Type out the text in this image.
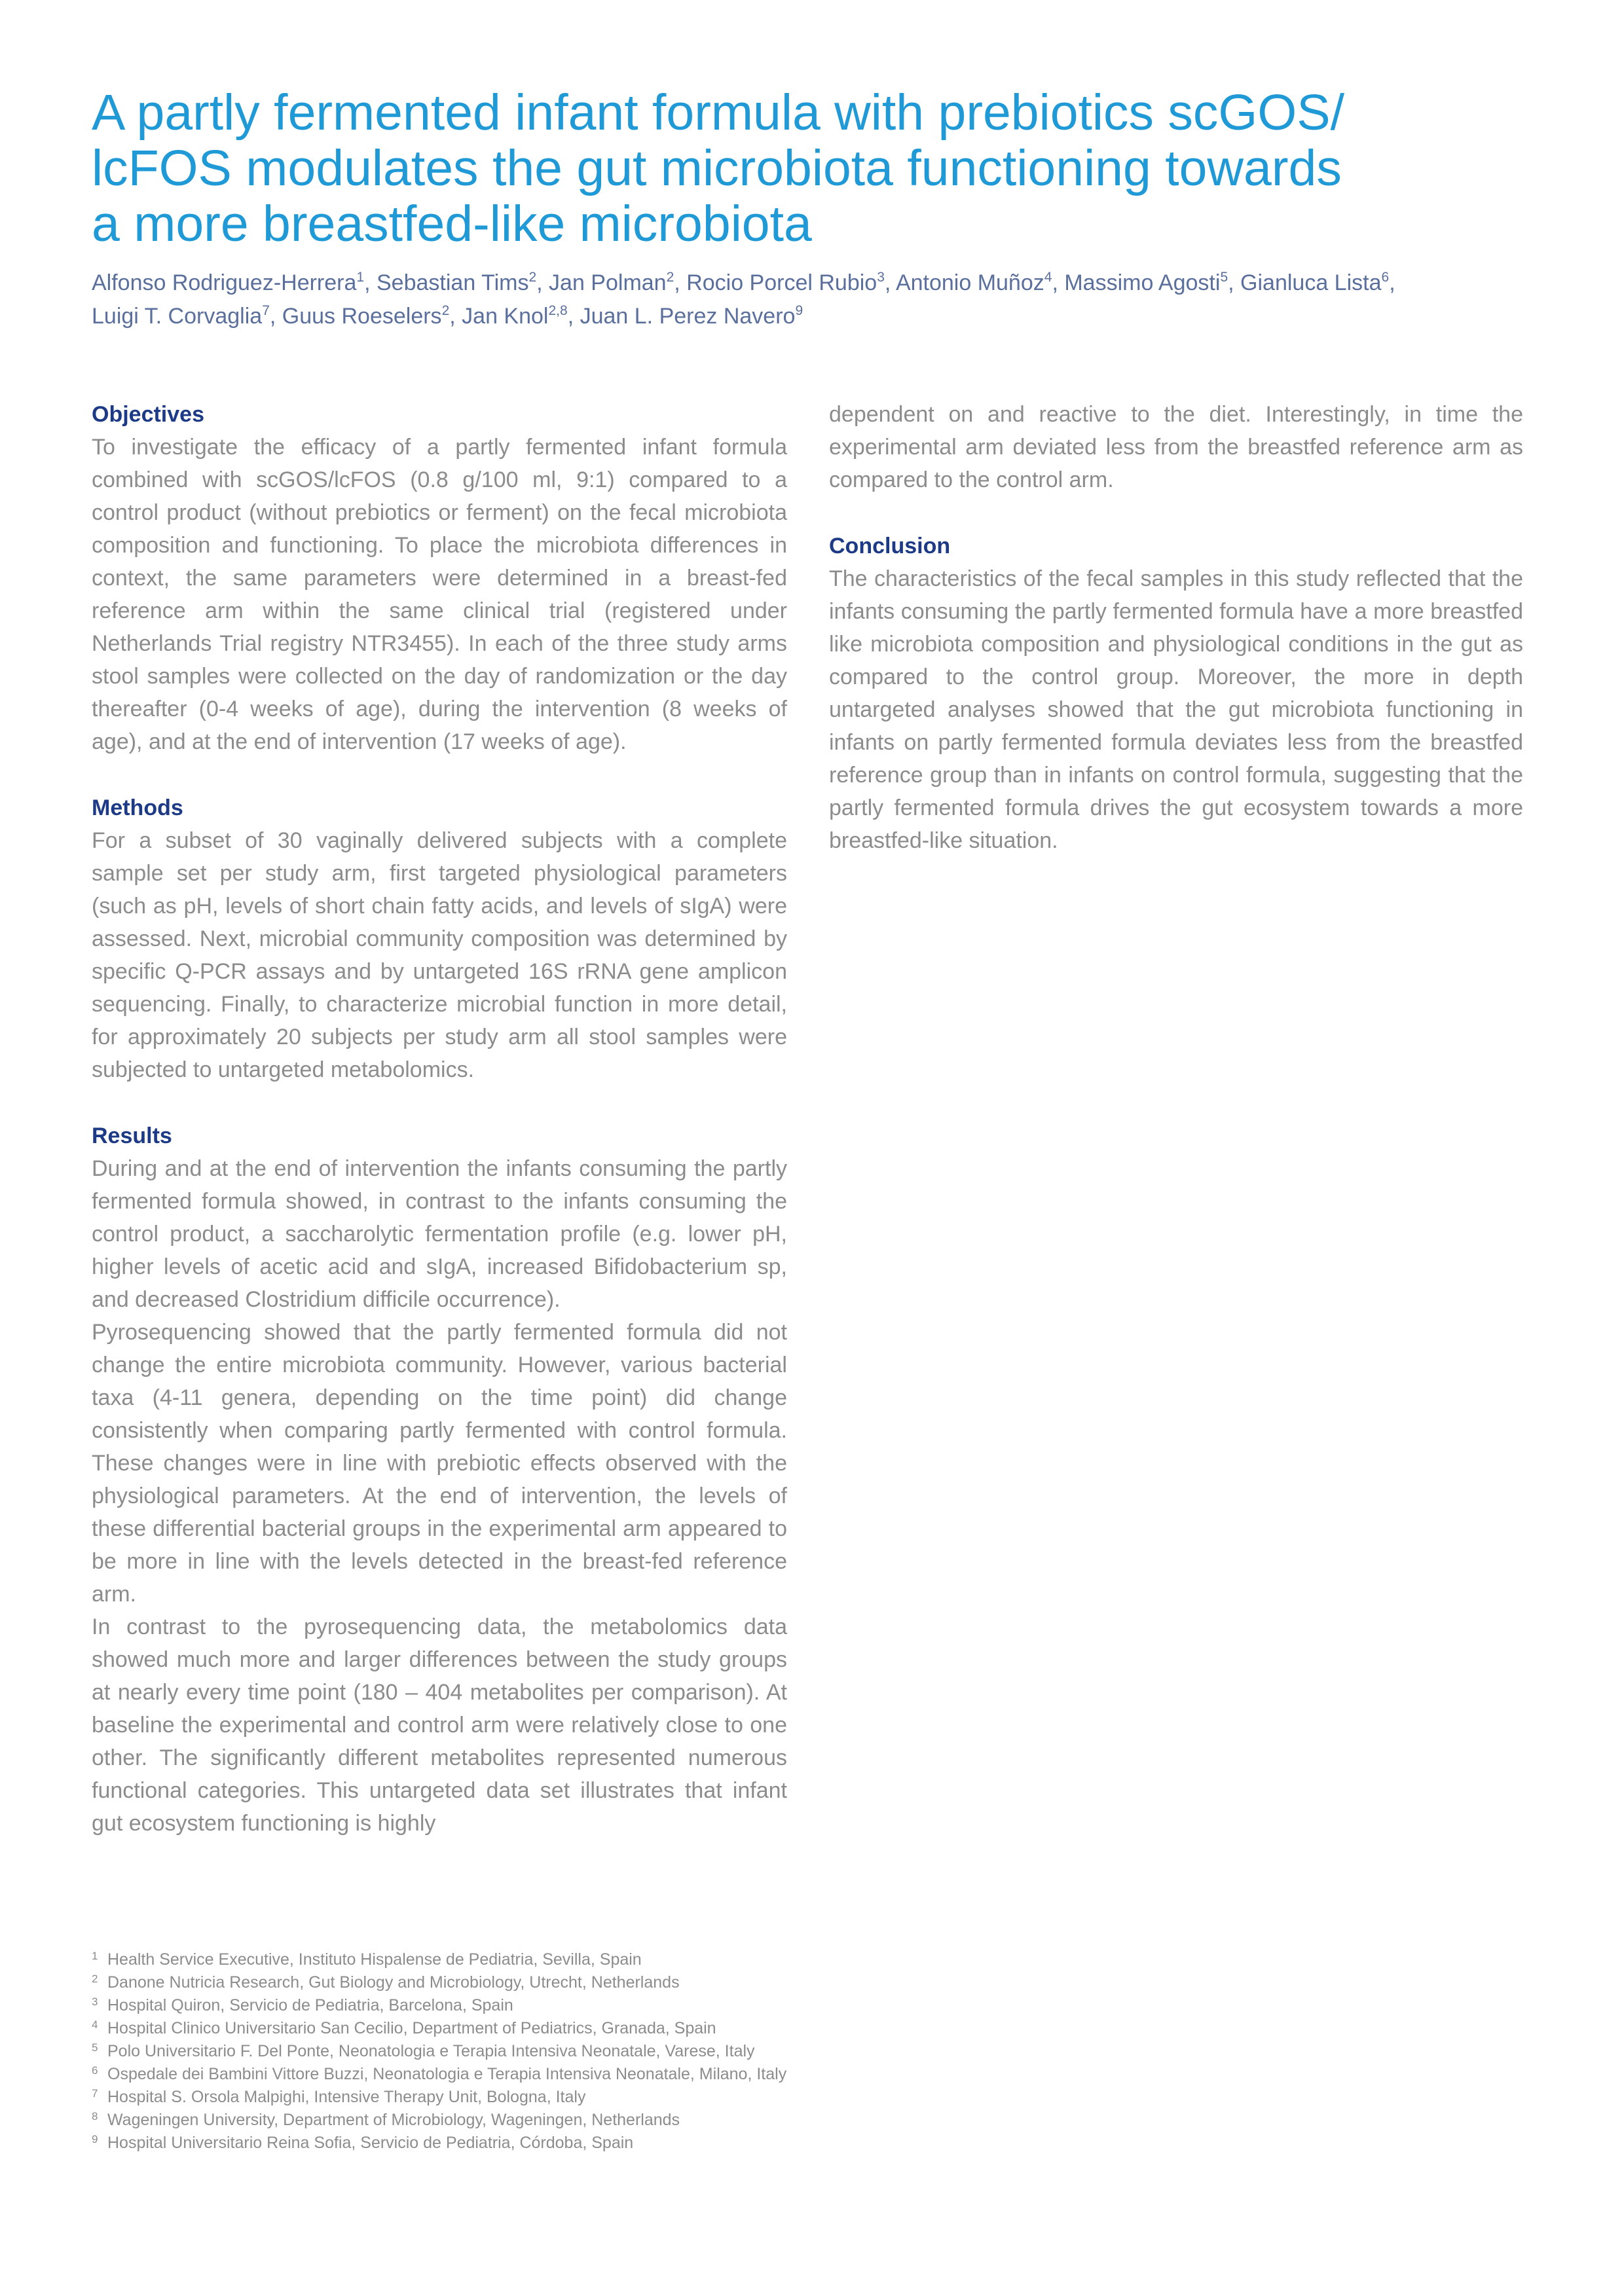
A partly fermented infant formula with prebiotics scGOS/
lcFOS modulates the gut microbiota functioning towards
a more breastfed-like microbiota
Alfonso Rodriguez-Herrera$^1$, Sebastian Tims$^2$, Jan Polman$^2$, Rocio Porcel Rubio$^3$, Antonio Muñoz$^4$, Massimo Agosti$^5$, Gianluca Lista$^6$,
Luigi T. Corvaglia$^7$, Guus Roeselers$^2$, Jan Knol$^{2,8}$, Juan L. Perez Navero$^9$
Objectives

To investigate the efficacy of a partly fermented infant formula combined with scGOS/lcFOS (0.8 g/100 ml, 9:1) compared to a control product (without prebiotics or ferment) on the fecal microbiota composition and functioning. To place the microbiota differences in context, the same parameters were determined in a breast-fed reference arm within the same clinical trial (registered under Netherlands Trial registry NTR3455). In each of the three study arms stool samples were collected on the day of randomization or the day thereafter (0-4 weeks of age), during the intervention (8 weeks of age), and at the end of intervention (17 weeks of age).

Methods

For a subset of 30 vaginally delivered subjects with a complete sample set per study arm, first targeted physiological parameters (such as pH, levels of short chain fatty acids, and levels of sIgA) were assessed. Next, microbial community composition was determined by specific Q-PCR assays and by untargeted 16S rRNA gene amplicon sequencing. Finally, to characterize microbial function in more detail, for approximately 20 subjects per study arm all stool samples were subjected to untargeted metabolomics.

Results

During and at the end of intervention the infants consuming the partly fermented formula showed, in contrast to the infants consuming the control product, a saccharolytic fermentation profile (e.g. lower pH, higher levels of acetic acid and sIgA, increased Bifidobacterium sp, and decreased Clostridium difficile occurrence).

Pyrosequencing showed that the partly fermented formula did not change the entire microbiota community. However, various bacterial taxa (4-11 genera, depending on the time point) did change consistently when comparing partly fermented with control formula. These changes were in line with prebiotic effects observed with the physiological parameters. At the end of intervention, the levels of these differential bacterial groups in the experimental arm appeared to be more in line with the levels detected in the breast-fed reference arm.

In contrast to the pyrosequencing data, the metabolomics data showed much more and larger differences between the study groups at nearly every time point (180 – 404 metabolites per comparison). At baseline the experimental and control arm were relatively close to one other. The significantly different metabolites represented numerous functional categories. This untargeted data set illustrates that infant gut ecosystem functioning is highly

dependent on and reactive to the diet. Interestingly, in time the experimental arm deviated less from the breastfed reference arm as compared to the control arm.

Conclusion

The characteristics of the fecal samples in this study reflected that the infants consuming the partly fermented formula have a more breastfed like microbiota composition and physiological conditions in the gut as compared to the control group. Moreover, the more in depth untargeted analyses showed that the gut microbiota functioning in infants on partly fermented formula deviates less from the breastfed reference group than in infants on control formula, suggesting that the partly fermented formula drives the gut ecosystem towards a more breastfed-like situation.

1 Health Service Executive, Instituto Hispalense de Pediatria, Sevilla, Spain
2 Danone Nutricia Research, Gut Biology and Microbiology, Utrecht, Netherlands
3 Hospital Quiron, Servicio de Pediatria, Barcelona, Spain
4 Hospital Clinico Universitario San Cecilio, Department of Pediatrics, Granada, Spain
5 Polo Universitario F. Del Ponte, Neonatologia e Terapia Intensiva Neonatale, Varese, Italy
6 Ospedale dei Bambini Vittore Buzzi, Neonatologia e Terapia Intensiva Neonatale, Milano, Italy
7 Hospital S. Orsola Malpighi, Intensive Therapy Unit, Bologna, Italy
8 Wageningen University, Department of Microbiology, Wageningen, Netherlands
9 Hospital Universitario Reina Sofia, Servicio de Pediatria, Córdoba, Spain
